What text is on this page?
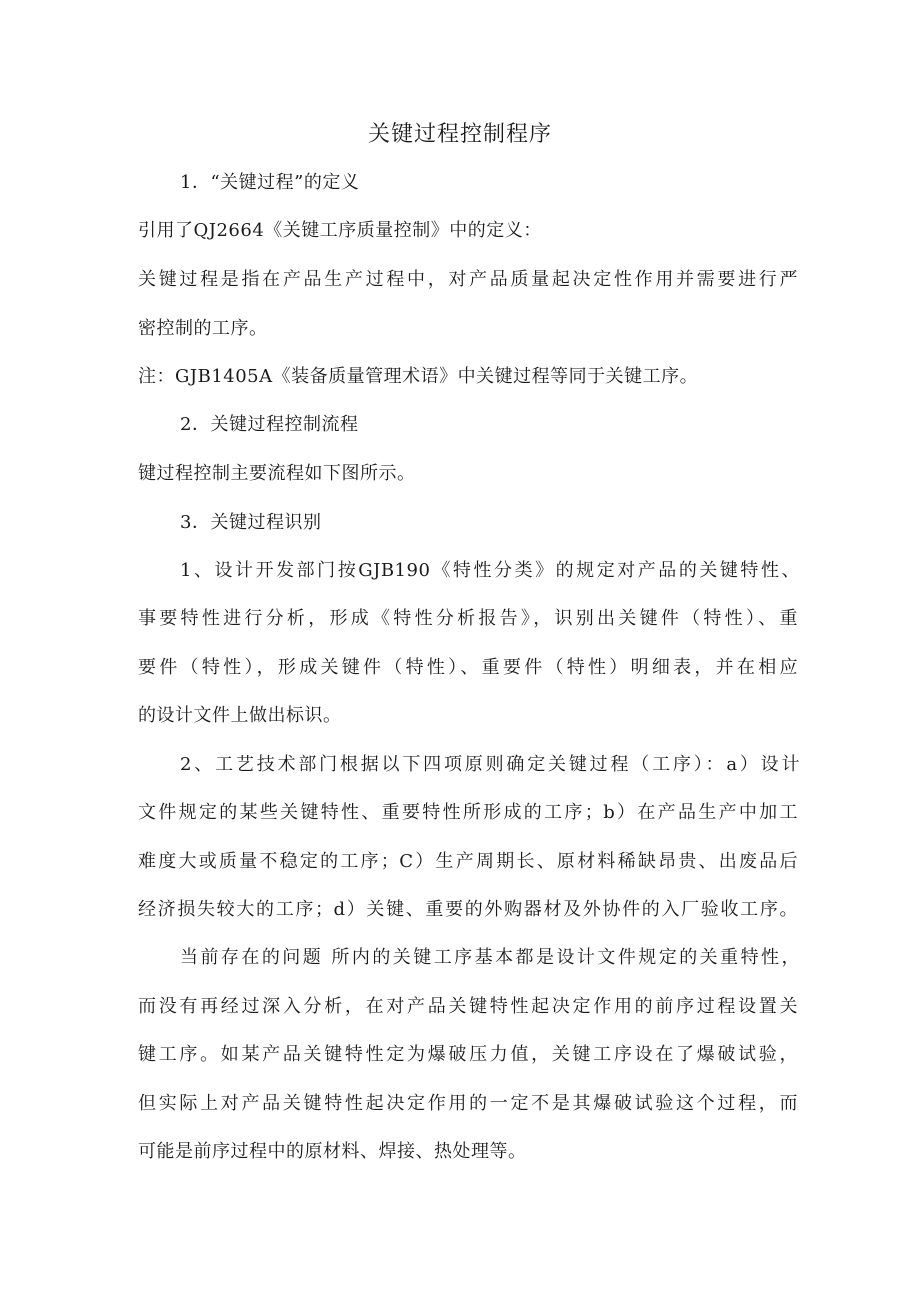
关键过程控制程序
1．“关键过程”的定义
引用了QJ2664《关键工序质量控制》中的定义：
关键过程是指在产品生产过程中，对产品质量起决定性作用并需要进行严
密控制的工序。
注：GJB1405A《装备质量管理术语》中关键过程等同于关键工序。
2．关键过程控制流程
键过程控制主要流程如下图所示。
3．关键过程识别
1、设计开发部门按GJB190《特性分类》的规定对产品的关键特性、
事要特性进行分析，形成《特性分析报告》，识别出关键件（特性）、重
要件（特性），形成关键件（特性）、重要件（特性）明细表，并在相应
的设计文件上做出标识。
2、工艺技术部门根据以下四项原则确定关键过程（工序）：a）设计
文件规定的某些关键特性、重要特性所形成的工序；b）在产品生产中加工
难度大或质量不稳定的工序；C）生产周期长、原材料稀缺昂贵、出废品后
经济损失较大的工序；d）关键、重要的外购器材及外协件的入厂验收工序。
当前存在的问题 所内的关键工序基本都是设计文件规定的关重特性，
而没有再经过深入分析，在对产品关键特性起决定作用的前序过程设置关
键工序。如某产品关键特性定为爆破压力值，关键工序设在了爆破试验，
但实际上对产品关键特性起决定作用的一定不是其爆破试验这个过程，而
可能是前序过程中的原材料、焊接、热处理等。
